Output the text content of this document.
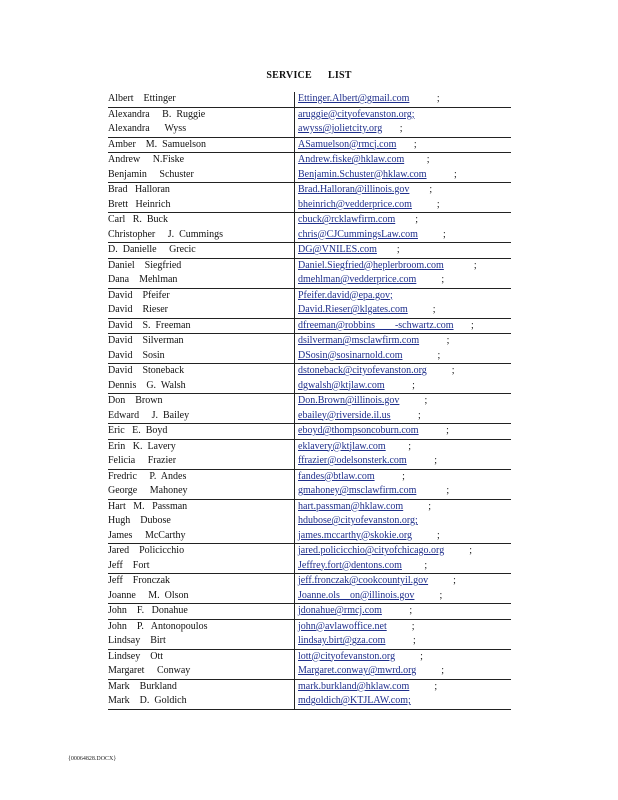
SERVICE      LIST
Albert    Ettinger	Ettinger.Albert@gmail.com           ;
Alexandra     B.  Ruggie	aruggie@cityofevanston.org;
Alexandra      Wyss	awyss@jolietcity.org       ;
Amber    M.  Samuelson	ASamuelson@rmcj.com       ;
Andrew     N.Fiske	Andrew.fiske@hklaw.com         ;
Benjamin     Schuster	Benjamin.Schuster@hklaw.com           ;
Brad   Halloran	Brad.Halloran@illinois.gov        ;
Brett   Heinrich	bheinrich@vedderprice.com          ;
Carl   R.  Buck	cbuck@rcklawfirm.com        ;
Christopher     J.  Cummings	chris@CJCummingsLaw.com          ;
D.  Danielle     Grecic	DG@VNILES.com        ;
Daniel    Siegfried	Daniel.Siegfried@heplerbroom.com            ;
Dana    Mehlman	dmehlman@vedderprice.com          ;
David    Pfeifer	Pfeifer.david@epa.gov;
David    Rieser	David.Rieser@klgates.com          ;
David    S.  Freeman	dfreeman@robbins        -schwartz.com       ;
David    Silverman	dsilverman@msclawfirm.com           ;
David    Sosin	DSosin@sosinarnold.com              ;
David    Stoneback	dstoneback@cityofevanston.org          ;
Dennis    G.  Walsh	dgwalsh@ktjlaw.com           ;
Don    Brown	Don.Brown@illinois.gov          ;
Edward     J.  Bailey	ebailey@riverside.il.us           ;
Eric   E.  Boyd	eboyd@thompsoncoburn.com           ;
Erin   K.  Lavery	eklavery@ktjlaw.com         ;
Felicia     Frazier	ffrazier@odelsonsterk.com           ;
Fredric     P.  Andes	fandes@btlaw.com           ;
George     Mahoney	gmahoney@msclawfirm.com            ;
Hart   M.   Passman	hart.passman@hklaw.com          ;
Hugh    Dubose	hdubose@cityofevanston.org;
James     McCarthy	james.mccarthy@skokie.org          ;
Jared    Policicchio	jared.policicchio@cityofchicago.org          ;
Jeff    Fort	Jeffrey.fort@dentons.com         ;
Jeff    Fronczak	jeff.fronczak@cookcountyil.gov          ;
Joanne     M.  Olson	Joanne.ols    on@illinois.gov          ;
John    F.   Donahue	jdonahue@rmcj.com           ;
John    P.   Antonopoulos	john@avlawoffice.net          ;
Lindsay    Birt	lindsay.birt@gza.com           ;
Lindsey    Ott	lott@cityofevanston.org          ;
Margaret     Conway	Margaret.conway@mwrd.org          ;
Mark    Burkland	mark.burkland@hklaw.com          ;
Mark    D.  Goldich	mdgoldich@KTJLAW.com;
{00064828.DOCX}
